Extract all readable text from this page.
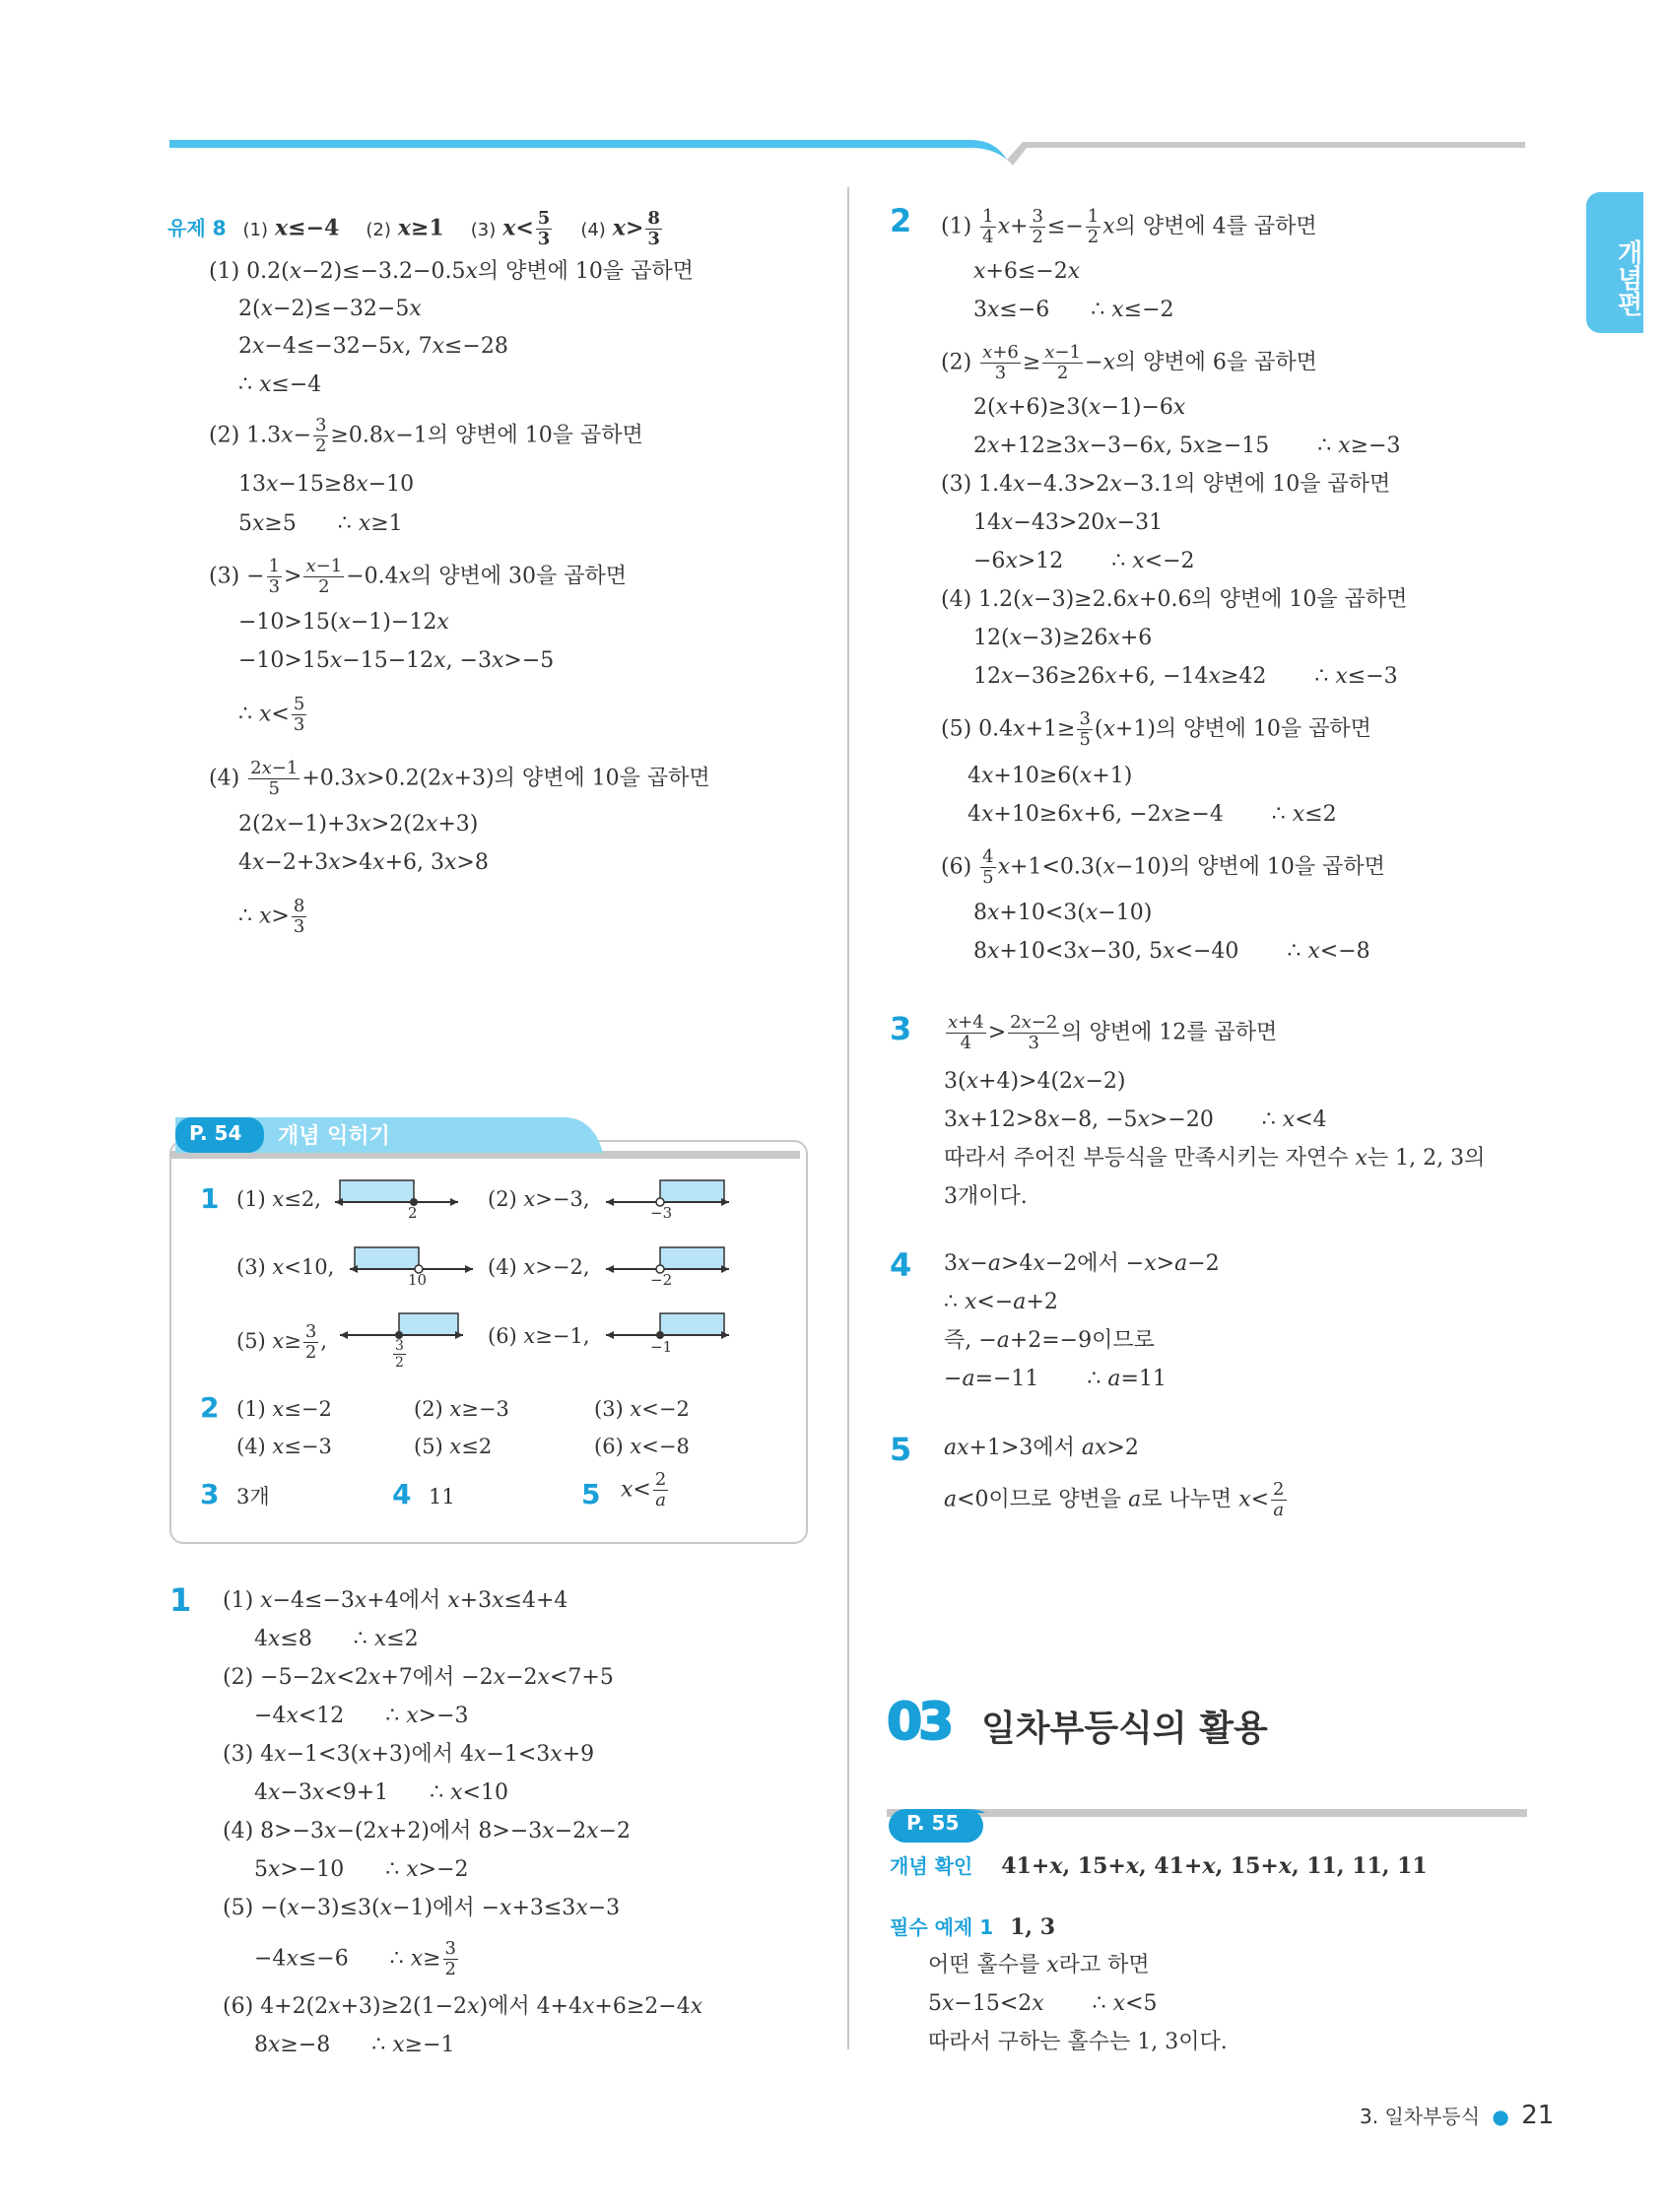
개념편
유제 8 (1) x≤−4 (2) x≥1 (3) $x< \frac{5}{3} (4)$ $x> \frac{8}{3}$
(1) 0.2(x−2)≤−3.2−0.5x의 양변에 10을 곱하면
2(x−2)≤−32−5x
2x−4≤−32−5x, 7x≤−28
∴ x≤−4
(2) $1.3x- \frac{3}{2} \ge 0.8x-1$의 양변에 10을 곱하면
13x−15≥8x−10
5x≥5      ∴ x≥1
$(3) - \frac{1}{3} > \frac{x-1}{2} -0.4x$의 양변에 30을 곱하면
−10>15(x−1)−12x
−10>15x−15−12x, −3x>−5
∴ $x< \frac{5}{3}$
$(4) \frac{2x-1}{5} +0.3x>0.2(2x+3)$의 양변에 10을 곱하면
2(2x−1)+3x>2(2x+3)
4x−2+3x>4x+6, 3x>8
∴ $x> \frac{8}{3}$
P. 54 개념 익히기
1 (1) x≤2,	(2) x>−3,
(3) x<10,	(4) x>−2,
(5) $x\ge \frac{3}{2}$ ,	(6) x≥−1,
2	−3
10	−2
$\frac{3}{2}$	−1
2 (1) x≤−2	(2) x≥−3	(3) x<−2
(4) x≤−3	(5) x≤2	(6) x<−8
3 3개	4 11	5 $x< \frac{2}{a}$
1 (1) x−4≤−3x+4에서 x+3x≤4+4
4x≤8      ∴ x≤2
(2) −5−2x<2x+7에서 −2x−2x<7+5
−4x<12      ∴ x>−3
(3) 4x−1<3(x+3)에서 4x−1<3x+9
4x−3x<9+1      ∴ x<10
(4) 8>−3x−(2x+2)에서 8>−3x−2x−2
5x>−10      ∴ x>−2
(5) −(x−3)≤3(x−1)에서 −x+3≤3x−3
−4x≤−6      ∴ $x\ge \frac{3}{2}$
(6) 4+2(2x+3)≥2(1−2x)에서 4+4x+6≥2−4x
8x≥−8      ∴ x≥−1
2 $(1) \frac{1}{4} x+ \frac{3}{2} \le- \frac{1}{2}$ x의 양변에 4를 곱하면
x+6≤−2x
3x≤−6      ∴ x≤−2
$(2) \frac{x+6}{3} \ge \frac{x-1}{2} -x$의 양변에 6을 곱하면
2(x+6)≥3(x−1)−6x
2x+12≥3x−3−6x, 5x≥−15       ∴ x≥−3
(3) 1.4x−4.3>2x−3.1의 양변에 10을 곱하면
14x−43>20x−31
−6x>12       ∴ x<−2
(4) 1.2(x−3)≥2.6x+0.6의 양변에 10을 곱하면
12(x−3)≥26x+6
12x−36≥26x+6, −14x≥42       ∴ x≤−3
(5) $0.4x+1\ge \frac{3}{5} (x+1)$의 양변에 10을 곱하면
4x+10≥6(x+1)
4x+10≥6x+6, −2x≥−4       ∴ x≤2
$(6) \frac{4}{5} x+1<0.3(x-10)$의 양변에 10을 곱하면
8x+10<3(x−10)
8x+10<3x−30, 5x<−40       ∴ x<−8
$3 \frac{x+4}{4} > \frac{2x-2}{3}$ 의 양변에 12를 곱하면
3(x+4)>4(2x−2)
3x+12>8x−8, −5x>−20       ∴ x<4
따라서 주어진 부등식을 만족시키는 자연수 x는 1, 2, 3의
3개이다.
4 3x−a>4x−2에서 −x>a−2
∴ x<−a+2
즉, −a+2=−9이므로
−a=−11       ∴ a=11
5 ax+1>3에서 ax>2
a<0이므로 양변을 a로 나누면 $x< \frac{2}{a}$
03 일차부등식의 활용
P. 55
개념 확인 41+x, 15+x, 41+x, 15+x, 11, 11, 11
필수 예제 1 1, 3
어떤 홀수를 x라고 하면
5x−15<2x       ∴ x<5
따라서 구하는 홀수는 1, 3이다.
3. 일차부등식 ● 21
